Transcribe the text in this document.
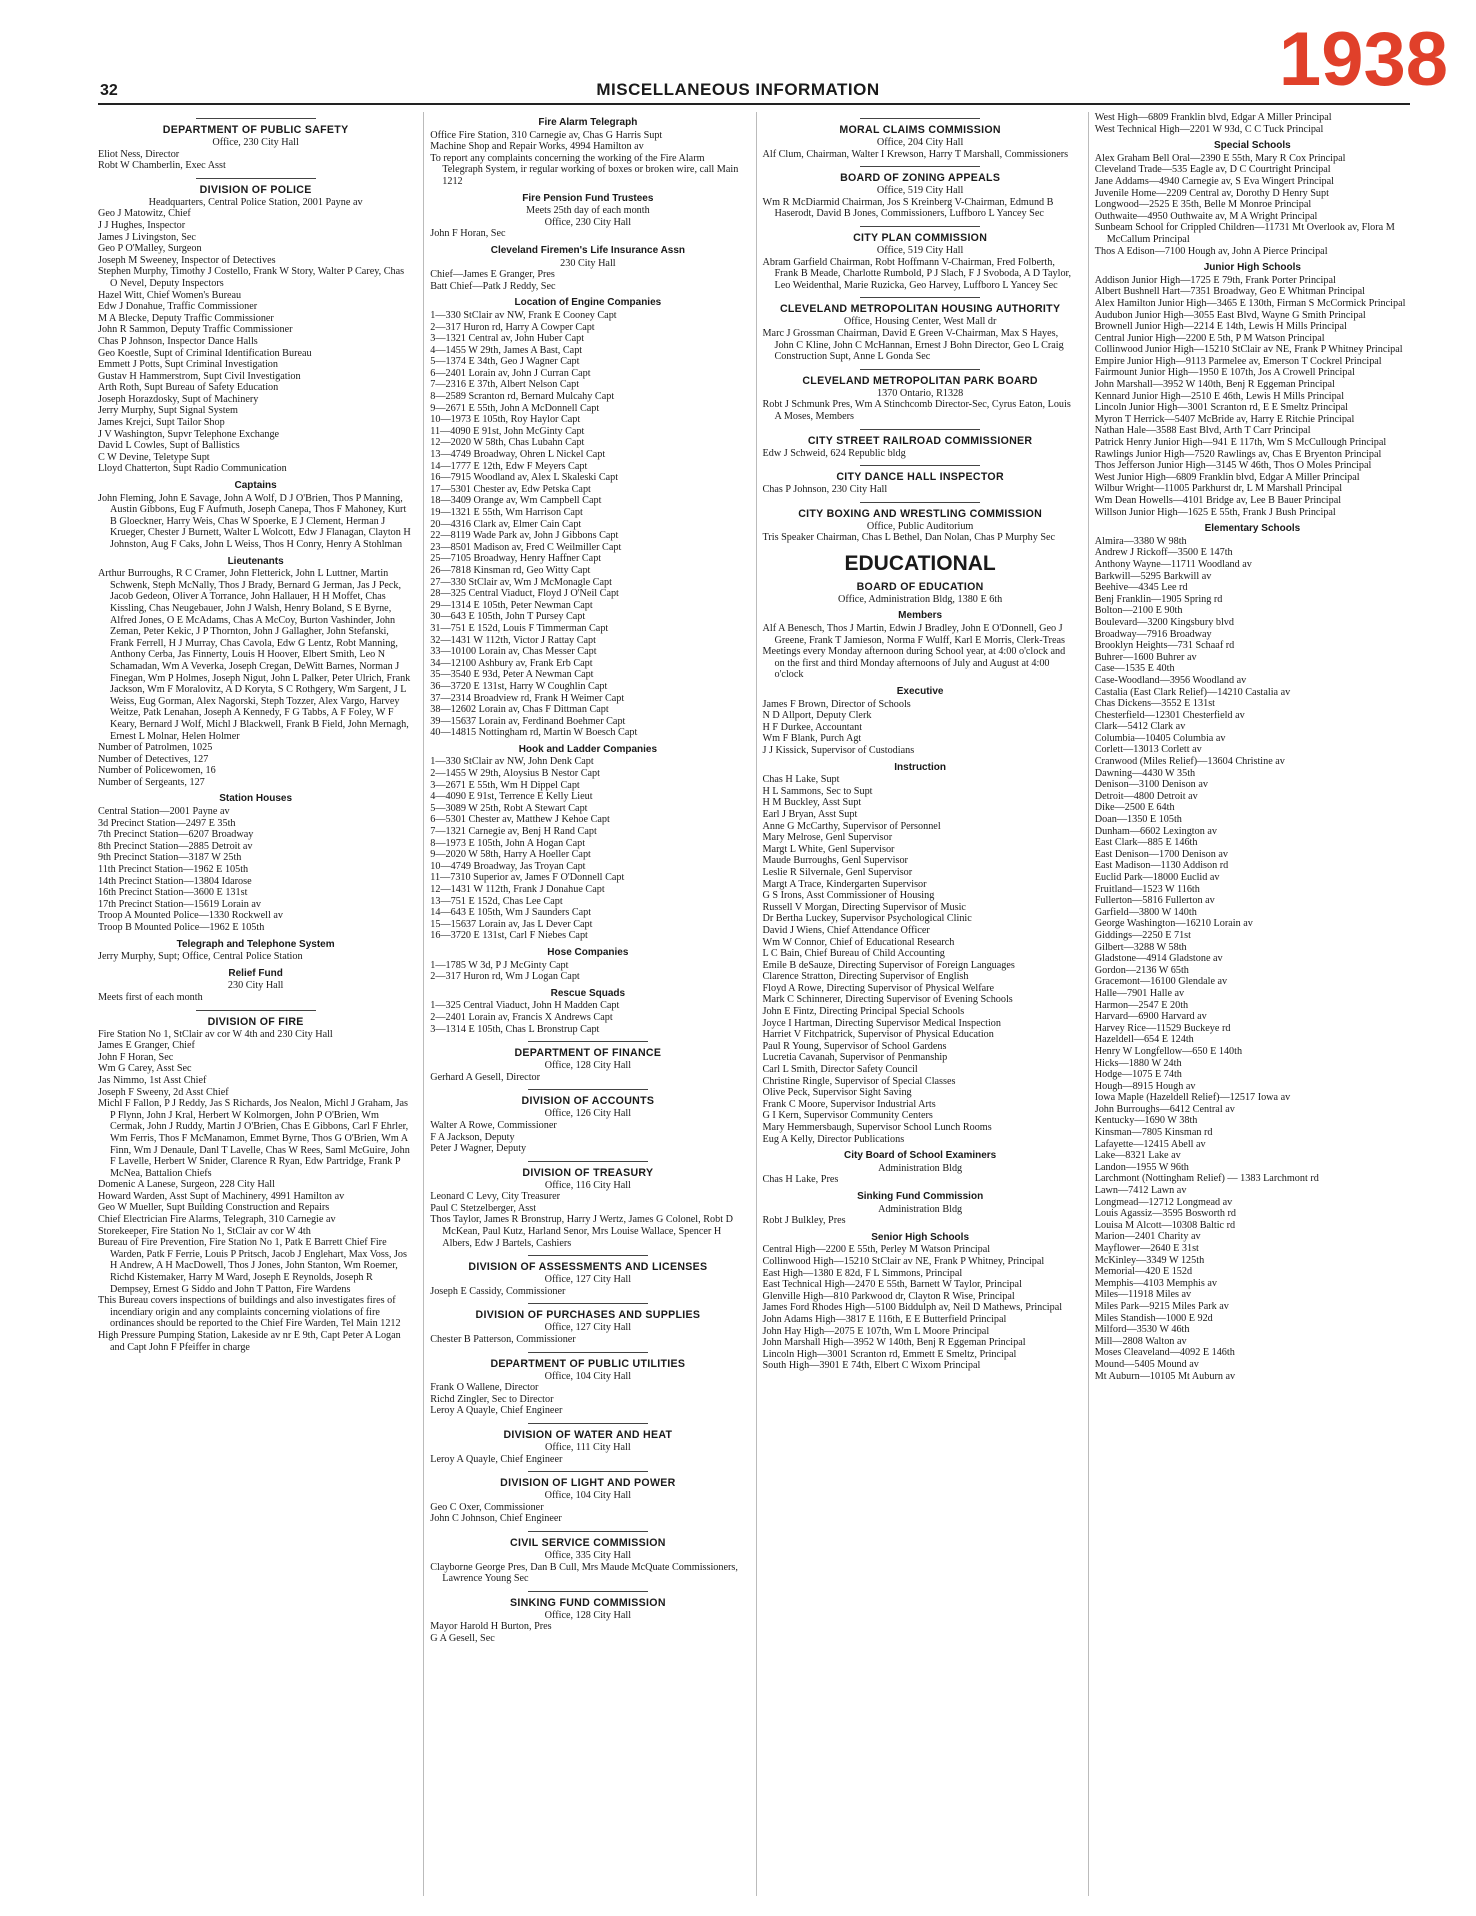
1938
32	MISCELLANEOUS INFORMATION
DEPARTMENT OF PUBLIC SAFETY
Office, 230 City Hall
Eliot Ness, Director
Robt W Chamberlin, Exec Asst
DIVISION OF POLICE
Headquarters, Central Police Station, 2001 Payne av
Geo J Matowitz, Chief
J J Hughes, Inspector
James J Livingston, Sec
Geo P O'Malley, Surgeon
Joseph M Sweeney, Inspector of Detectives
Stephen Murphy, Timothy J Costello, Frank W Story, Walter P Carey, Chas O Nevel, Deputy Inspectors
Hazel Witt, Chief Women's Bureau
Edw J Donahue, Traffic Commissioner
M A Blecke, Deputy Traffic Commissioner
John R Sammon, Deputy Traffic Commissioner
Chas P Johnson, Inspector Dance Halls
Geo Koestle, Supt of Criminal Identification Bureau
Emmett J Potts, Supt Criminal Investigation
Gustav H Hammerstrom, Supt Civil Investigation
Arth Roth, Supt Bureau of Safety Education
Joseph Horazdosky, Supt of Machinery
Jerry Murphy, Supt Signal System
James Krejci, Supt Tailor Shop
J V Washington, Supvr Telephone Exchange
David L Cowles, Supt of Ballistics
C W Devine, Teletype Supt
Lloyd Chatterton, Supt Radio Communication
Captains
John Fleming, John E Savage, John A Wolf, D J O'Brien, Thos P Manning, Austin Gibbons, Eug F Aufmuth, Joseph Canepa, Thos F Mahoney, Kurt B Gloeckner, Harry Weis, Chas W Spoerke, E J Clement, Herman J Krueger, Chester J Burnett, Walter L Wolcott, Edw J Flanagan, Clayton H Johnston, Aug F Caks, John L Weiss, Thos H Conry, Henry A Stohlman
Lieutenants
Arthur Burroughs, R C Cramer, John Fletterick, John L Luttner, Martin Schwenk, Steph McNally, Thos J Brady, Bernard G Jerman, Jas J Peck, Jacob Gedeon, Oliver A Torrance, John Hallauer, H H Moffet, Chas Kissling, Chas Neugebauer, John J Walsh, Henry Boland, S E Byrne, Alfred Jones, O E McAdams, Chas A McCoy, Burton Vashinder, John Zeman, Peter Kekic, J P Thornton, John J Gallagher, John Stefanski, Frank Ferrell, H J Murray, Chas Cavola, Edw G Lentz, Robt Manning, Anthony Cerba, Jas Finnerty, Louis H Hoover, Elbert Smith, Leo N Schamadan, Wm A Veverka, Joseph Cregan, DeWitt Barnes, Norman J Finegan, Wm P Holmes, Joseph Nigut, John L Palker, Peter Ulrich, Frank Jackson, Wm F Moralovitz, A D Koryta, S C Rothgery, Wm Sargent, J L Weiss, Eug Gorman, Alex Nagorski, Steph Tozzer, Alex Vargo, Harvey Weitze, Patk Lenahan, Joseph A Kennedy, F G Tabbs, A F Foley, W F Keary, Bernard J Wolf, Michl J Blackwell, Frank B Field, John Mernagh, Ernest L Molnar, Helen Holmer
Number of Patrolmen, 1025
Number of Detectives, 127
Number of Policewomen, 16
Number of Sergeants, 127
Station Houses
Central Station—2001 Payne av
3d Precinct Station—2497 E 35th
7th Precinct Station—6207 Broadway
8th Precinct Station—2885 Detroit av
9th Precinct Station—3187 W 25th
11th Precinct Station—1962 E 105th
14th Precinct Station—13804 Idarose
16th Precinct Station—3600 E 131st
17th Precinct Station—15619 Lorain av
Troop A Mounted Police—1330 Rockwell av
Troop B Mounted Police—1962 E 105th
Telegraph and Telephone System
Jerry Murphy, Supt; Office, Central Police Station
Relief Fund
230 City Hall
Meets first of each month
DIVISION OF FIRE
Fire Station No 1, StClair av cor W 4th and 230 City Hall
James E Granger, Chief
John F Horan, Sec
Wm G Carey, Asst Sec
Jas Nimmo, 1st Asst Chief
Joseph F Sweeny, 2d Asst Chief
Michl F Fallon, P J Reddy, Jas S Richards, Jos Nealon, Michl J Graham, Jas P Flynn, John J Kral, Herbert W Kolmorgen, John P O'Brien, Wm Cermak, John J Ruddy, Martin J O'Brien, Chas E Gibbons, Carl F Ehrler, Wm Ferris, Thos F McManamon, Emmet Byrne, Thos G O'Brien, Wm A Finn, Wm J Denaule, Danl T Lavelle, Chas W Rees, Saml McGuire, John F Lavelle, Herbert W Snider, Clarence R Ryan, Edw Partridge, Frank P McNea, Battalion Chiefs
Domenic A Lanese, Surgeon, 228 City Hall
Howard Warden, Asst Supt of Machinery, 4991 Hamilton av
Geo W Mueller, Supt Building Construction and Repairs
Chief Electrician Fire Alarms, Telegraph, 310 Carnegie av
Storekeeper, Fire Station No 1, StClair av cor W 4th
Bureau of Fire Prevention, Fire Station No 1, Patk E Barrett Chief Fire Warden, Patk F Ferrie, Louis P Pritsch, Jacob J Englehart, Max Voss, Jos H Andrew, A H MacDowell, Thos J Jones, John Stanton, Wm Roemer, Richd Kistemaker, Harry M Ward, Joseph E Reynolds, Joseph R Dempsey, Ernest G Siddo and John T Patton, Fire Wardens
This Bureau covers inspections of buildings and also investigates fires of incendiary origin and any complaints concerning violations of fire ordinances should be reported to the Chief Fire Warden, Tel Main 1212
High Pressure Pumping Station, Lakeside av nr E 9th, Capt Peter A Logan and Capt John F Pfeiffer in charge
Fire Alarm Telegraph
Office Fire Station, 310 Carnegie av, Chas G Harris Supt
Machine Shop and Repair Works, 4994 Hamilton av
To report any complaints concerning the working of the Fire Alarm Telegraph System, ir regular working of boxes or broken wire, call Main 1212
Fire Pension Fund Trustees
Meets 25th day of each month
Office, 230 City Hall
John F Horan, Sec
Cleveland Firemen's Life Insurance Assn
230 City Hall
Chief—James E Granger, Pres
Batt Chief—Patk J Reddy, Sec
Location of Engine Companies
1—330 StClair av NW, Frank E Cooney Capt
2—317 Huron rd, Harry A Cowper Capt
3—1321 Central av, John Huber Capt
4—1455 W 29th, James A Bast, Capt
5—1374 E 34th, Geo J Wagner Capt
6—2401 Lorain av, John J Curran Capt
7—2316 E 37th, Albert Nelson Capt
8—2589 Scranton rd, Bernard Mulcahy Capt
9—2671 E 55th, John A McDonnell Capt
10—1973 E 105th, Roy Haylor Capt
11—4090 E 91st, John McGinty Capt
12—2020 W 58th, Chas Lubahn Capt
13—4749 Broadway, Ohren L Nickel Capt
14—1777 E 12th, Edw F Meyers Capt
16—7915 Woodland av, Alex L Skaleski Capt
17—5301 Chester av, Edw Petska Capt
18—3409 Orange av, Wm Campbell Capt
19—1321 E 55th, Wm Harrison Capt
20—4316 Clark av, Elmer Cain Capt
22—8119 Wade Park av, John J Gibbons Capt
23—8501 Madison av, Fred C Weilmiller Capt
25—7105 Broadway, Henry Haffner Capt
26—7818 Kinsman rd, Geo Witty Capt
27—330 StClair av, Wm J McMonagle Capt
28—325 Central Viaduct, Floyd J O'Neil Capt
29—1314 E 105th, Peter Newman Capt
30—643 E 105th, John T Pursey Capt
31—751 E 152d, Louis F Timmerman Capt
32—1431 W 112th, Victor J Rattay Capt
33—10100 Lorain av, Chas Messer Capt
34—12100 Ashbury av, Frank Erb Capt
35—3540 E 93d, Peter A Newman Capt
36—3720 E 131st, Harry W Coughlin Capt
37—2314 Broadview rd, Frank H Weimer Capt
38—12602 Lorain av, Chas F Dittman Capt
39—15637 Lorain av, Ferdinand Boehmer Capt
40—14815 Nottingham rd, Martin W Boesch Capt
Hook and Ladder Companies
1—330 StClair av NW, John Denk Capt
2—1455 W 29th, Aloysius B Nestor Capt
3—2671 E 55th, Wm H Dippel Capt
4—4090 E 91st, Terrence E Kelly Lieut
5—3089 W 25th, Robt A Stewart Capt
6—5301 Chester av, Matthew J Kehoe Capt
7—1321 Carnegie av, Benj H Rand Capt
8—1973 E 105th, John A Hogan Capt
9—2020 W 58th, Harry A Hoeller Capt
10—4749 Broadway, Jas Troyan Capt
11—7310 Superior av, James F O'Donnell Capt
12—1431 W 112th, Frank J Donahue Capt
13—751 E 152d, Chas Lee Capt
14—643 E 105th, Wm J Saunders Capt
15—15637 Lorain av, Jas L Dever Capt
16—3720 E 131st, Carl F Niebes Capt
Hose Companies
1—1785 W 3d, P J McGinty Capt
2—317 Huron rd, Wm J Logan Capt
Rescue Squads
1—325 Central Viaduct, John H Madden Capt
2—2401 Lorain av, Francis X Andrews Capt
3—1314 E 105th, Chas L Bronstrup Capt
DEPARTMENT OF FINANCE
Office, 128 City Hall
Gerhard A Gesell, Director
DIVISION OF ACCOUNTS
Office, 126 City Hall
Walter A Rowe, Commissioner
F A Jackson, Deputy
Peter J Wagner, Deputy
DIVISION OF TREASURY
Office, 116 City Hall
Leonard C Levy, City Treasurer
Paul C Stetzelberger, Asst
Thos Taylor, James R Bronstrup, Harry J Wertz, James G Colonel, Robt D McKean, Paul Kutz, Harland Senor, Mrs Louise Wallace, Spencer H Albers, Edw J Bartels, Cashiers
DIVISION OF ASSESSMENTS AND LICENSES
Office, 127 City Hall
Joseph E Cassidy, Commissioner
DIVISION OF PURCHASES AND SUPPLIES
Office, 127 City Hall
Chester B Patterson, Commissioner
DEPARTMENT OF PUBLIC UTILITIES
Office, 104 City Hall
Frank O Wallene, Director
Richd Zingler, Sec to Director
Leroy A Quayle, Chief Engineer
DIVISION OF WATER AND HEAT
Office, 111 City Hall
Leroy A Quayle, Chief Engineer
DIVISION OF LIGHT AND POWER
Office, 104 City Hall
Geo C Oxer, Commissioner
John C Johnson, Chief Engineer
CIVIL SERVICE COMMISSION
Office, 335 City Hall
Clayborne George Pres, Dan B Cull, Mrs Maude McQuate Commissioners, Lawrence Young Sec
SINKING FUND COMMISSION
Office, 128 City Hall
Mayor Harold H Burton, Pres
G A Gesell, Sec
MORAL CLAIMS COMMISSION
Office, 204 City Hall
Alf Clum, Chairman, Walter I Krewson, Harry T Marshall, Commissioners
BOARD OF ZONING APPEALS
Office, 519 City Hall
Wm R McDiarmid Chairman, Jos S Kreinberg V-Chairman, Edmund B Haserodt, David B Jones, Commissioners, Luffboro L Yancey Sec
CITY PLAN COMMISSION
Office, 519 City Hall
Abram Garfield Chairman, Robt Hoffmann V-Chairman, Fred Folberth, Frank B Meade, Charlotte Rumbold, P J Slach, F J Svoboda, A D Taylor, Leo Weidenthal, Marie Ruzicka, Geo Harvey, Luffboro L Yancey Sec
CLEVELAND METROPOLITAN HOUSING AUTHORITY
Office, Housing Center, West Mall dr
Marc J Grossman Chairman, David E Green V-Chairman, Max S Hayes, John C Kline, John C McHannan, Ernest J Bohn Director, Geo L Craig Construction Supt, Anne L Gonda Sec
CLEVELAND METROPOLITAN PARK BOARD
1370 Ontario, R1328
Robt J Schmunk Pres, Wm A Stinchcomb Director-Sec, Cyrus Eaton, Louis A Moses, Members
CITY STREET RAILROAD COMMISSIONER
Edw J Schweid, 624 Republic bldg
CITY DANCE HALL INSPECTOR
Chas P Johnson, 230 City Hall
CITY BOXING AND WRESTLING COMMISSION
Office, Public Auditorium
Tris Speaker Chairman, Chas L Bethel, Dan Nolan, Chas P Murphy Sec
EDUCATIONAL
BOARD OF EDUCATION
Office, Administration Bldg, 1380 E 6th
Members
Alf A Benesch, Thos J Martin, Edwin J Bradley, John E O'Donnell, Geo J Greene, Frank T Jamieson, Norma F Wulff, Karl E Morris, Clerk-Treas
Meetings every Monday afternoon during School year, at 4:00 o'clock and on the first and third Monday afternoons of July and August at 4:00 o'clock
Executive
James F Brown, Director of Schools
N D Allport, Deputy Clerk
H F Durkee, Accountant
Wm F Blank, Purch Agt
J J Kissick, Supervisor of Custodians
Instruction
Chas H Lake, Supt
H L Sammons, Sec to Supt
H M Buckley, Asst Supt
Earl J Bryan, Asst Supt
Anne G McCarthy, Supervisor of Personnel
Mary Melrose, Genl Supervisor
Margt L White, Genl Supervisor
Maude Burroughs, Genl Supervisor
Leslie R Silvernale, Genl Supervisor
Margt A Trace, Kindergarten Supervisor
G S Irons, Asst Commissioner of Housing
Russell V Morgan, Directing Supervisor of Music
Dr Bertha Luckey, Supervisor Psychological Clinic
David J Wiens, Chief Attendance Officer
Wm W Connor, Chief of Educational Research
L C Bain, Chief Bureau of Child Accounting
Emile B deSauze, Directing Supervisor of Foreign Languages
Clarence Stratton, Directing Supervisor of English
Floyd A Rowe, Directing Supervisor of Physical Welfare
Mark C Schinnerer, Directing Supervisor of Evening Schools
John E Fintz, Directing Principal Special Schools
Joyce I Hartman, Directing Supervisor Medical Inspection
Harriet V Fitchpatrick, Supervisor of Physical Education
Paul R Young, Supervisor of School Gardens
Lucretia Cavanah, Supervisor of Penmanship
Carl L Smith, Director Safety Council
Christine Ringle, Supervisor of Special Classes
Olive Peck, Supervisor Sight Saving
Frank C Moore, Supervisor Industrial Arts
G I Kern, Supervisor Community Centers
Mary Hemmersbaugh, Supervisor School Lunch Rooms
Eug A Kelly, Director Publications
City Board of School Examiners
Administration Bldg
Chas H Lake, Pres
Sinking Fund Commission
Administration Bldg
Robt J Bulkley, Pres
Senior High Schools
Central High—2200 E 55th, Perley M Watson Principal
Collinwood High—15210 StClair av NE, Frank P Whitney, Principal
East High—1380 E 82d, F L Simmons, Principal
East Technical High—2470 E 55th, Barnett W Taylor, Principal
Glenville High—810 Parkwood dr, Clayton R Wise, Principal
James Ford Rhodes High—5100 Biddulph av, Neil D Mathews, Principal
John Adams High—3817 E 116th, E E Butterfield Principal
John Hay High—2075 E 107th, Wm L Moore Principal
John Marshall High—3952 W 140th, Benj R Eggeman Principal
Lincoln High—3001 Scranton rd, Emmett E Smeltz, Principal
South High—3901 E 74th, Elbert C Wixom Principal
West High—6809 Franklin blvd, Edgar A Miller Principal
West Technical High—2201 W 93d, C C Tuck Principal
Special Schools
Alex Graham Bell Oral—2390 E 55th, Mary R Cox Principal
Cleveland Trade—535 Eagle av, D C Courtright Principal
Jane Addams—4940 Carnegie av, S Eva Wingert Principal
Juvenile Home—2209 Central av, Dorothy D Henry Supt
Longwood—2525 E 35th, Belle M Monroe Principal
Outhwaite—4950 Outhwaite av, M A Wright Principal
Sunbeam School for Crippled Children—11731 Mt Overlook av, Flora M McCallum Principal
Thos A Edison—7100 Hough av, John A Pierce Principal
Junior High Schools
Addison Junior High—1725 E 79th, Frank Porter Principal
Albert Bushnell Hart—7351 Broadway, Geo E Whitman Principal
Alex Hamilton Junior High—3465 E 130th, Firman S McCormick Principal
Audubon Junior High—3055 East Blvd, Wayne G Smith Principal
Brownell Junior High—2214 E 14th, Lewis H Mills Principal
Central Junior High—2200 E 5th, P M Watson Principal
Collinwood Junior High—15210 StClair av NE, Frank P Whitney Principal
Empire Junior High—9113 Parmelee av, Emerson T Cockrel Principal
Fairmount Junior High—1950 E 107th, Jos A Crowell Principal
John Marshall—3952 W 140th, Benj R Eggeman Principal
Kennard Junior High—2510 E 46th, Lewis H Mills Principal
Lincoln Junior High—3001 Scranton rd, E E Smeltz Principal
Myron T Herrick—5407 McBride av, Harry E Ritchie Principal
Nathan Hale—3588 East Blvd, Arth T Carr Principal
Patrick Henry Junior High—941 E 117th, Wm S McCullough Principal
Rawlings Junior High—7520 Rawlings av, Chas E Bryenton Principal
Thos Jefferson Junior High—3145 W 46th, Thos O Moles Principal
West Junior High—6809 Franklin blvd, Edgar A Miller Principal
Wilbur Wright—11005 Parkhurst dr, L M Marshall Principal
Wm Dean Howells—4101 Bridge av, Lee B Bauer Principal
Willson Junior High—1625 E 55th, Frank J Bush Principal
Elementary Schools
Almira—3380 W 98th
Andrew J Rickoff—3500 E 147th
Anthony Wayne—11711 Woodland av
Barkwill—5295 Barkwill av
Beehive—4345 Lee rd
Benj Franklin—1905 Spring rd
Bolton—2100 E 90th
Boulevard—3200 Kingsbury blvd
Broadway—7916 Broadway
Brooklyn Heights—731 Schaaf rd
Buhrer—1600 Buhrer av
Case—1535 E 40th
Case-Woodland—3956 Woodland av
Castalia (East Clark Relief)—14210 Castalia av
Chas Dickens—3552 E 131st
Chesterfield—12301 Chesterfield av
Clark—5412 Clark av
Columbia—10405 Columbia av
Corlett—13013 Corlett av
Cranwood (Miles Relief)—13604 Christine av
Dawning—4430 W 35th
Denison—3100 Denison av
Detroit—4800 Detroit av
Dike—2500 E 64th
Doan—1350 E 105th
Dunham—6602 Lexington av
East Clark—885 E 146th
East Denison—1700 Denison av
East Madison—1130 Addison rd
Euclid Park—18000 Euclid av
Fruitland—1523 W 116th
Fullerton—5816 Fullerton av
Garfield—3800 W 140th
George Washington—16210 Lorain av
Giddings—2250 E 71st
Gilbert—3288 W 58th
Gladstone—4914 Gladstone av
Gordon—2136 W 65th
Gracemont—16100 Glendale av
Halle—7901 Halle av
Harmon—2547 E 20th
Harvard—6900 Harvard av
Harvey Rice—11529 Buckeye rd
Hazeldell—654 E 124th
Henry W Longfellow—650 E 140th
Hicks—1880 W 24th
Hodge—1075 E 74th
Hough—8915 Hough av
Iowa Maple (Hazeldell Relief)—12517 Iowa av
John Burroughs—6412 Central av
Kentucky—1690 W 38th
Kinsman—7805 Kinsman rd
Lafayette—12415 Abell av
Lake—8321 Lake av
Landon—1955 W 96th
Larchmont (Nottingham Relief) — 1383 Larchmont rd
Lawn—7412 Lawn av
Longmead—12712 Longmead av
Louis Agassiz—3595 Bosworth rd
Louisa M Alcott—10308 Baltic rd
Marion—2401 Charity av
Mayflower—2640 E 31st
McKinley—3349 W 125th
Memorial—420 E 152d
Memphis—4103 Memphis av
Miles—11918 Miles av
Miles Park—9215 Miles Park av
Miles Standish—1000 E 92d
Milford—3530 W 46th
Mill—2808 Walton av
Moses Cleaveland—4092 E 146th
Mound—5405 Mound av
Mt Auburn—10105 Mt Auburn av
